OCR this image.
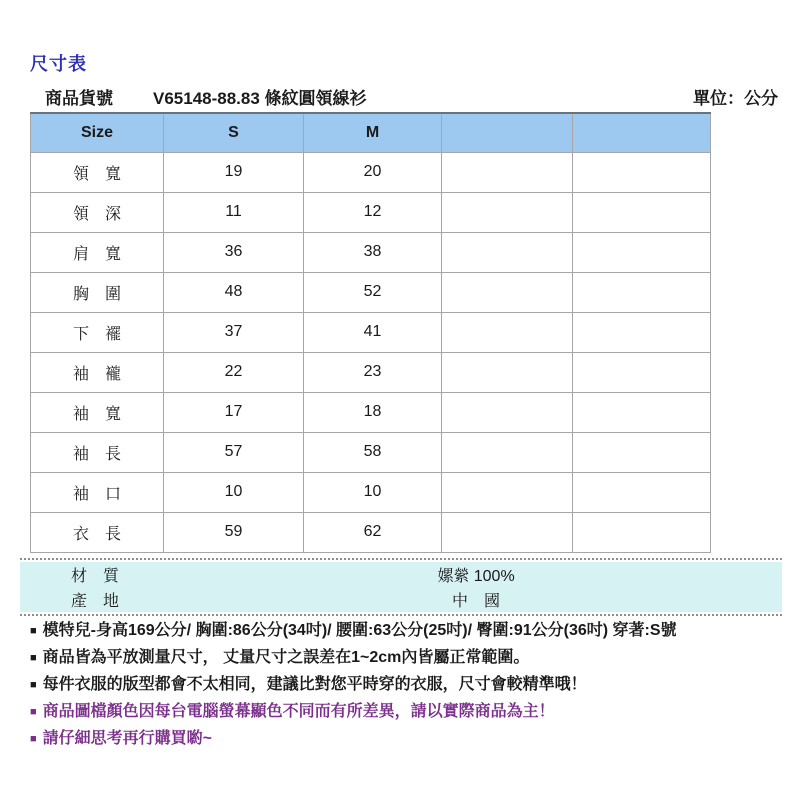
尺寸表
商品貨號 V65148-88.83 條紋圓領線衫	單位：公分
Size	S	M		
領　寬	19	20		
領　深	11	12		
肩　寬	36	38		
胸　圍	48	52		
下　襬	37	41		
袖　襱	22	23		
袖　寬	17	18		
袖　長	57	58		
袖　口	10	10		
衣　長	59	62		
材　質	嫘縈 100%
產　地	中　國
■ 模特兒-身高169公分/ 胸圍:86公分(34吋)/ 腰圍:63公分(25吋)/ 臀圍:91公分(36吋) 穿著:S號
■ 商品皆為平放測量尺寸， 丈量尺寸之誤差在1~2cm內皆屬正常範圍。
■ 每件衣服的版型都會不太相同，建議比對您平時穿的衣服，尺寸會較精準哦！
■ 商品圖檔顏色因每台電腦螢幕顯色不同而有所差異，請以實際商品為主！
■ 請仔細思考再行購買喲~
